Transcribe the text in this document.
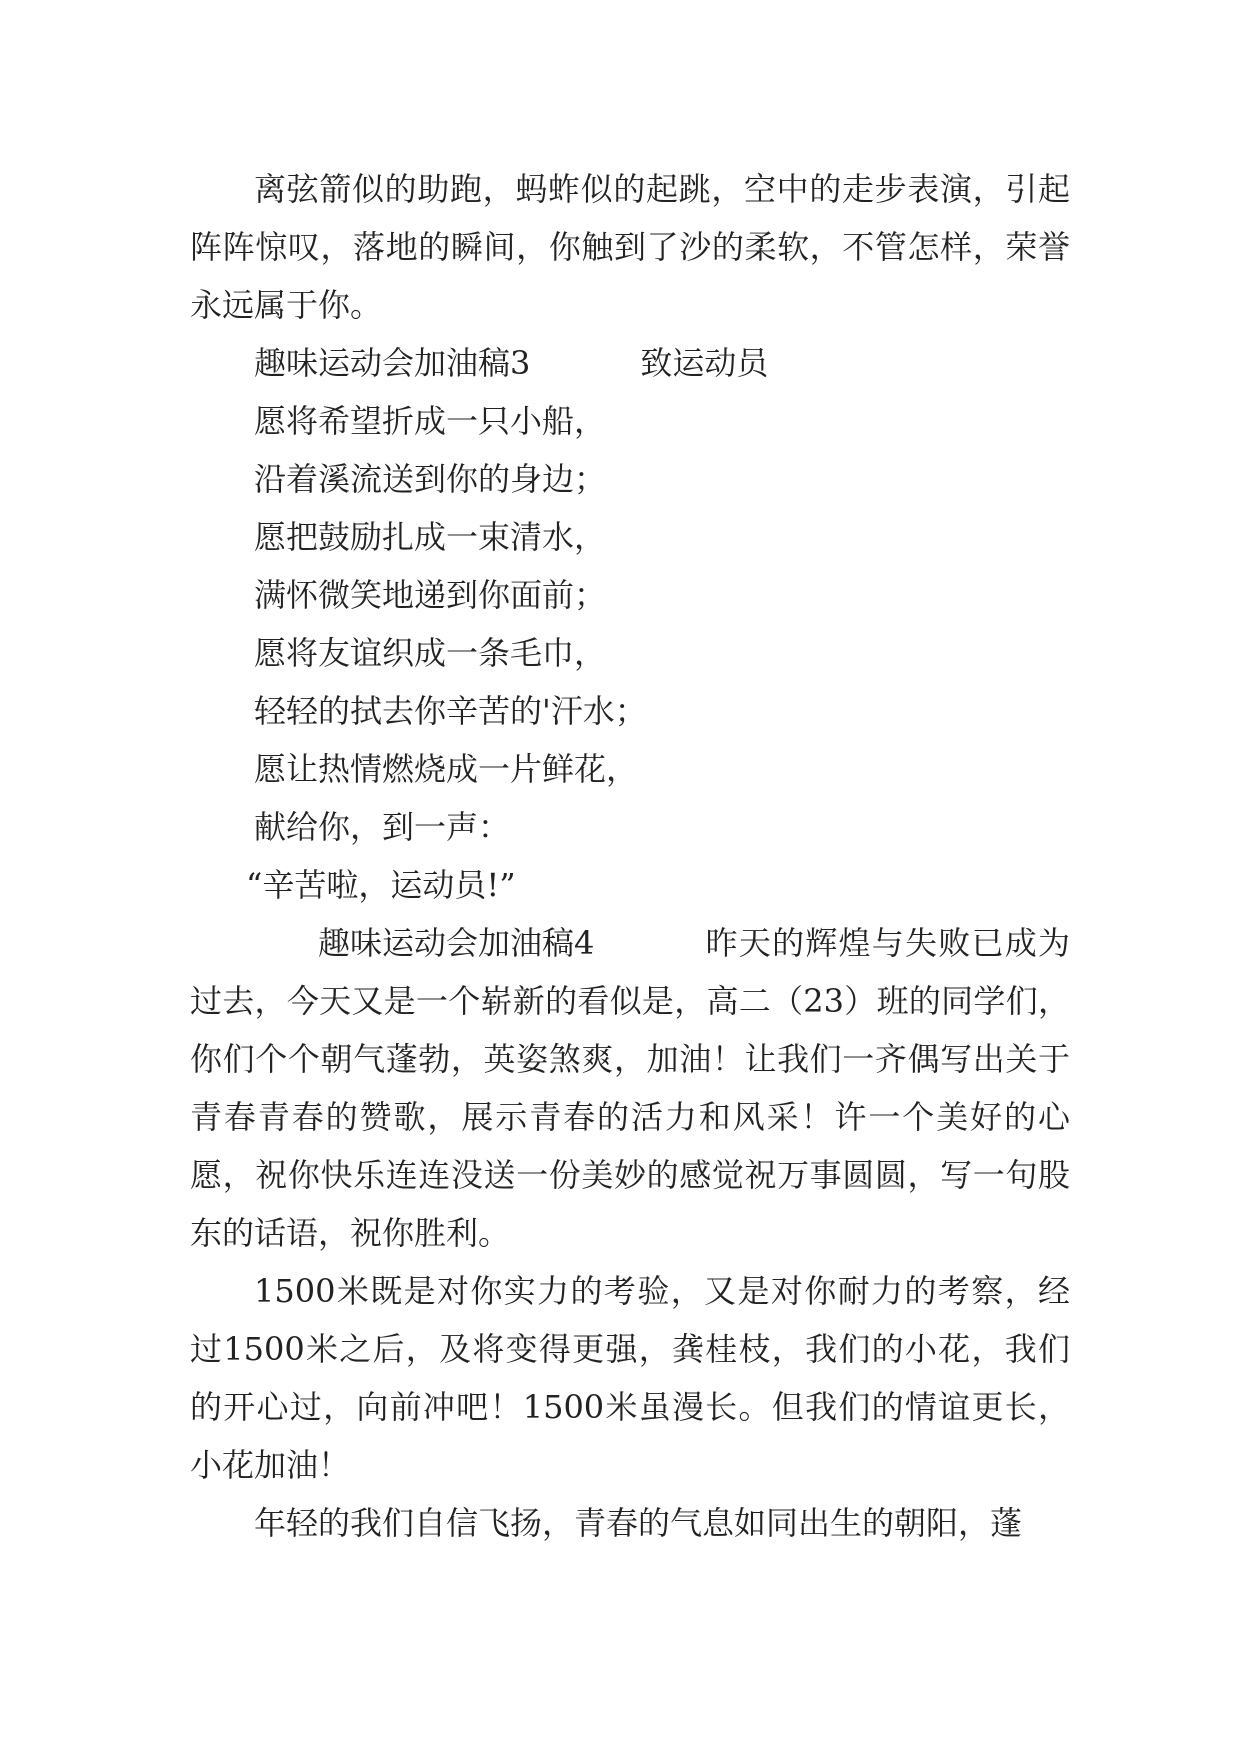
离弦箭似的助跑，蚂蚱似的起跳，空中的走步表演，引起阵阵惊叹，落地的瞬间，你触到了沙的柔软，不管怎样，荣誉永远属于你。

趣味运动会加油稿3	致运动员

愿将希望折成一只小船，

沿着溪流送到你的身边；

愿把鼓励扎成一束清水，

满怀微笑地递到你面前；

愿将友谊织成一条毛巾，

轻轻的拭去你辛苦的'汗水；

愿让热情燃烧成一片鲜花，

献给你，到一声：

“辛苦啦，运动员!”

趣味运动会加油稿4	昨天的辉煌与失败已成为过去，今天又是一个崭新的看似是，高二（23）班的同学们，你们个个朝气蓬勃，英姿煞爽，加油！让我们一齐偶写出关于青春青春的赞歌，展示青春的活力和风采！许一个美好的心愿，祝你快乐连连没送一份美妙的感觉祝万事圆圆，写一句股东的话语，祝你胜利。

1500米既是对你实力的考验，又是对你耐力的考察，经过1500米之后，及将变得更强，龚桂枝，我们的小花，我们的开心过，向前冲吧！1500米虽漫长。但我们的情谊更长，小花加油！

年轻的我们自信飞扬，青春的气息如同出生的朝阳，蓬
